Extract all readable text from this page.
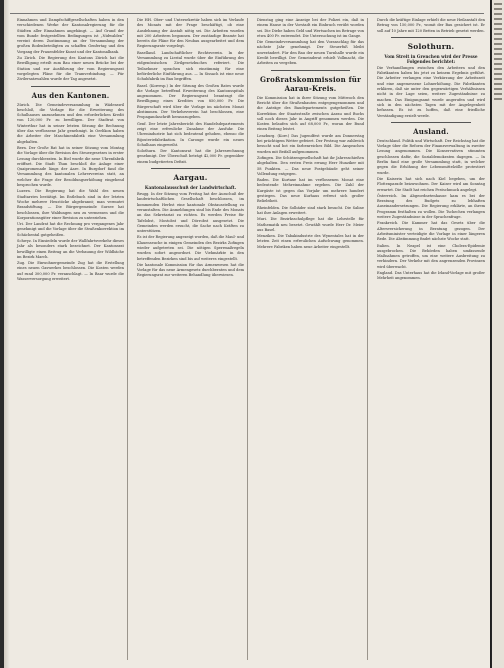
Einnahmen und Dampfschiffgesellschaften haben in den verschiedenen Werke der Kantonalregierung für die Städten aller Einnahmen angehängt. — Auf Grund der vom Bunde festgestellten Bedingungen ist „Nidwalden“ vereint deren Zustimmung an der Versammlung der großen Bodenbeteiligten zu schaffen Genfertag und den Vorgang der Frauenfelder Kunst und der Kantonalbank.

Zu Zirich. Die Regierung des Kantons Zürich hat die Bewilligung erteilt zum Bau einer neuen Brücke bei der Station und zur Ausführung der vom Regierungsrat vorgelegten Pläne für die Tramverbindung. — Für Zivilersatzwahlen wurde der Tag angesetzt.

Aus den Kantonen.

Zürich. Die Gemeindeversammlung in Wädenswil beschloß, die Vorlage für die Erweiterung des Schulhauses anzunehmen und den erforderlichen Kredit von 120,000 Fr. zu bewilligen. Der Stadtrat von Winterthur hat in seiner letzten Sitzung die Rechnung über das verflossene Jahr genehmigt. In Oerlikon haben die Arbeiter der Maschinenfabrik eine Versammlung abgehalten.

Bern. Der Große Rat hat in seiner Sitzung vom Montag die Vorlage über die Revision des Steuergesetzes in erster Lesung durchberaten. In Biel wurde die neue Uhrenfabrik eröffnet. Die Stadt Thun beschloß die Anlage einer Quaipromenade längs der Aare. In Burgdorf fand die Versammlung des kantonalen Lehrervereins statt, an welcher die Frage der Besoldungserhöhung eingehend besprochen wurde.

Luzern. Die Regierung hat die Wahl des neuen Stadtarztes bestätigt. Im Entlebuch sind in der letzten Woche mehrere Heustöcke abgebrannt; man vermutet Brandstiftung. — Die Bürgergemeinde Sursee hat beschlossen, ihre Waldungen neu zu vermessen und die Korporationsgüter einer Revision zu unterziehen.

Uri. Der Landrat hat die Rechnung pro vergangenes Jahr genehmigt und die Vorlage über die Straßenkorrektion im Schächental gutgeheißen.

Schwyz. In Einsiedeln wurde der Wallfahrtsverkehr dieses Jahr als besonders stark bezeichnet. Der Kantonsrat bewilligte einen Beitrag an die Verbauung der Wildbäche im Bezirk March.

Zug. Die Einwohnergemeinde Zug hat die Erstellung eines neuen Gaswerkes beschlossen. Die Kosten werden auf rund 300,000 Fr. veranschlagt. — In Baar wurde die Wasserversorgung erweitert.

Die HH. Ober- und Untersekretär haben sich im Verlaufe des Monats mit der Frage beschäftigt, ob eine Ausdehnung der Anstalt nötig sei. Die Arbeiten wurden mit 200 Arbeitern begonnen. Der zuständige Beamte hat bereits die Pläne für den Neubau ausgearbeitet und dem Regierungsrate vorgelegt.

Baselland. Landschaftlicher Rechtsverein. In der Versammlung zu Liestal wurde über die Einführung des eidgenössischen Zivilgesetzbuches referiert. Die Teilnehmer sprachen sich einstimmig für eine beförderliche Einführung aus. — In Sissach ist eine neue Schuhfabrik im Bau begriffen.

Basel. (Korresp.) In der Sitzung des Großen Rates wurde die Vorlage betreffend Erweiterung des Kantonsspitals angenommen. Der Regierungsrat beantragt die Bewilligung eines Kredites von 850,000 Fr. Die Bürgerschaft wird über die Vorlage im nächsten Monat abstimmen. Der Verkehrsverein hat beschlossen, eine Propagandaschrift herauszugeben.

Genf. Der letzte Jahresbericht des Handelsdepartements zeigt eine erfreuliche Zunahme der Ausfuhr. Die Uhrenindustrie hat sich bedeutend gehoben, ebenso die Bijouteriefabrikation. In Carouge wurde ein neues Schulhaus eingeweiht.

Solothurn. Der Kantonsrat hat die Jahresrechnung genehmigt. Der Überschuß beträgt 42,000 Fr. gegenüber einem budgetierten Defizit.

Aargau.
Kantonalausschuß der Landwirtschaft.

Brugg. In der Sitzung vom Freitag hat der Ausschuß der landwirtschaftlichen Gesellschaft beschlossen, im kommenden Herbst eine kantonale Obstausstellung zu veranstalten. Die Anmeldungen sind bis Ende des Monats an das Sekretariat zu richten. Es werden Preise für Tafelobst, Mostobst und Dörrobst ausgesetzt. Die Gemeinden werden ersucht, die Sache nach Kräften zu unterstützen.

Es ist der Regierung angezeigt worden, daß die Maul- und Klauenseuche in einigen Gemeinden des Bezirks Zofingen wieder aufgetreten sei. Die nötigen Sperrmaßregeln wurden sofort angeordnet. Die Viehmärkte in den betreffenden Bezirken sind bis auf weiteres eingestellt.

Die kantonale Kommission für das Armenwesen hat die Vorlage für das neue Armengesetz durchberaten und dem Regierungsrat zur weiteren Behandlung überwiesen.

Dienstag ging eine Anzeige bei der Polizei ein, daß in einem Hause in der Vorstadt ein Einbruch verübt worden sei. Die Diebe haben Geld und Wertsachen im Betrage von etwa 400 Fr. entwendet. Die Untersuchung ist im Gange.

Die Gemeindeversammlung hat den Voranschlag für das nächste Jahr genehmigt. Der Steuerfuß bleibt unverändert. Für den Bau der neuen Turnhalle wurde ein Kredit bewilligt. Der Gemeinderat erhielt Vollmacht, die Arbeiten zu vergeben.

Großratskommission für Aarau-Kreis.

Die Kommission hat in ihrer Sitzung vom Mittwoch den Bericht über die Straßenbauten entgegengenommen und die Anträge des Baudepartements gutgeheißen. Die Korrektion der Staatsstraße zwischen Aarau und Buchs soll noch dieses Jahr in Angriff genommen werden. Die Kosten belaufen sich auf 68,000 Fr., woran der Bund einen Beitrag leistet.

Lenzburg. (Korr.) Das Jugendfest wurde am Donnerstag bei prächtigem Wetter gefeiert. Der Festzug war zahlreich besucht und bot ein farbenreiches Bild. Die Ansprachen wurden mit Beifall aufgenommen.

Zofingen. Die Schützengesellschaft hat ihr Jahresschießen abgehalten. Den ersten Preis errang Herr Hunziker mit 58 Punkten. — Das neue Postgebäude geht seiner Vollendung entgegen.

Baden. Die Kurtaxe hat im verflossenen Monat eine bedeutende Mehreinnahme ergeben. Die Zahl der Kurgäste ist gegen das Vorjahr um mehrere hundert gestiegen. Das neue Kurhaus erfreut sich großer Beliebtheit.

Rheinfelden. Die Solbäder sind stark besucht. Die Saline hat ihre Anlagen erweitert.

Muri. Die Bezirksschulpflege hat die Lehrstelle für Mathematik neu besetzt. Gewählt wurde Herr Dr. Meier aus Basel.

Menziken. Die Tabakindustrie des Wynentales hat in der letzten Zeit einen erfreulichen Aufschwung genommen. Mehrere Fabriken haben neue Arbeiter eingestellt.

Durch die kräftige Einlage erhielt die neue Heilanstalt den Betrag von 150,000 Fr., womit der Bau gesichert ist. Er soll auf 10 Jahre mit 120 Betten in Betrieb gesetzt werden.

Solothurn.
Vom Streit in Grenchen wird der Presse Folgendes berichtet:

Die Verhandlungen zwischen den Arbeitern und den Fabrikanten haben bis jetzt zu keinem Ergebnis geführt. Die Arbeiter verlangen eine Verkürzung der Arbeitszeit und eine angemessene Lohnerhöhung. Die Fabrikanten erklären, daß sie unter den gegenwärtigen Verhältnissen nicht in der Lage seien, weitere Zugeständnisse zu machen. Das Einigungsamt wurde angerufen und wird sich in den nächsten Tagen mit der Angelegenheit befassen. Es ist zu hoffen, daß eine friedliche Verständigung erzielt werde.

Ausland.

Deutschland. Politik und Wirtschaft. Der Reichstag hat die Vorlage über die Reform der Finanzverwaltung in zweiter Lesung angenommen. Die Konservativen stimmten geschlossen dafür, die Sozialdemokraten dagegen. — In Berlin fand eine große Versammlung statt, in welcher gegen die Erhöhung der Lebensmittelzölle protestiert wurde.

Die Kaiserin hat sich nach Kiel begeben, um der Flottenparade beizuwohnen. Der Kaiser wird am Sonntag erwartet. Die Stadt hat reichen Festschmuck angelegt.

Österreich. Im Abgeordnetenhause kam es bei der Beratung des Budgets zu lebhaften Auseinandersetzungen. Die Regierung erklärte, an ihrem Programm festhalten zu wollen. Die Tschechen verlangen weitere Zugeständnisse in der Sprachenfrage.

Frankreich. Die Kammer hat das Gesetz über die Altersversicherung in Beratung gezogen. Der Arbeitsminister verteidigte die Vorlage in einer längeren Rede. Die Abstimmung findet nächste Woche statt.

Italien. In Neapel ist eine Cholera-Epidemie ausgebrochen. Die Behörden haben umfassende Maßnahmen getroffen, um eine weitere Ausbreitung zu verhindern. Der Verkehr mit den angrenzenden Provinzen wird überwacht.

England. Das Unterhaus hat die Irland-Vorlage mit großer Mehrheit angenommen.
